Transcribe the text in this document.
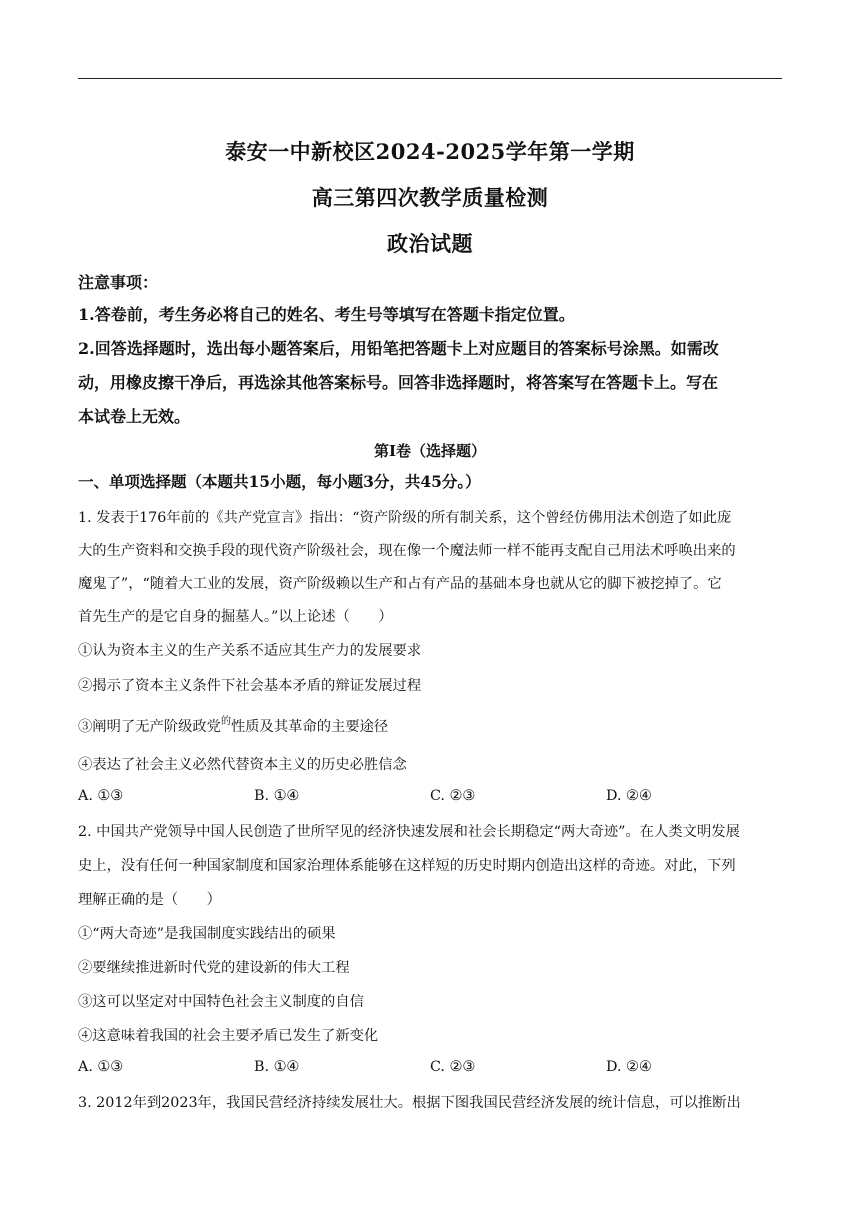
泰安一中新校区2024-2025学年第一学期
高三第四次教学质量检测
政治试题
注意事项：
1.答卷前，考生务必将自己的姓名、考生号等填写在答题卡指定位置。
2.回答选择题时，选出每小题答案后，用铅笔把答题卡上对应题目的答案标号涂黑。如需改
动，用橡皮擦干净后，再选涂其他答案标号。回答非选择题时，将答案写在答题卡上。写在
本试卷上无效。
第Ⅰ卷（选择题）
一、单项选择题（本题共15小题，每小题3分，共45分。）
1. 发表于176年前的《共产党宣言》指出：“资产阶级的所有制关系，这个曾经仿佛用法术创造了如此庞
大的生产资料和交换手段的现代资产阶级社会，现在像一个魔法师一样不能再支配自己用法术呼唤出来的
魔鬼了”，“随着大工业的发展，资产阶级赖以生产和占有产品的基础本身也就从它的脚下被挖掉了。它
首先生产的是它自身的掘墓人。”以上论述（　　）
①认为资本主义的生产关系不适应其生产力的发展要求
②揭示了资本主义条件下社会基本矛盾的辩证发展过程
③阐明了无产阶级政党$^的$性质及其革命的主要途径
④表达了社会主义必然代替资本主义的历史必胜信念
A. ①③	B. ①④	C. ②③	D. ②④
2. 中国共产党领导中国人民创造了世所罕见的经济快速发展和社会长期稳定“两大奇迹”。在人类文明发展
史上，没有任何一种国家制度和国家治理体系能够在这样短的历史时期内创造出这样的奇迹。对此，下列
理解正确的是（　　）
①“两大奇迹”是我国制度实践结出的硕果
②要继续推进新时代党的建设新的伟大工程
③这可以坚定对中国特色社会主义制度的自信
④这意味着我国的社会主要矛盾已发生了新变化
A. ①③	B. ①④	C. ②③	D. ②④
3. 2012年到2023年，我国民营经济持续发展壮大。根据下图我国民营经济发展的统计信息，可以推断出
